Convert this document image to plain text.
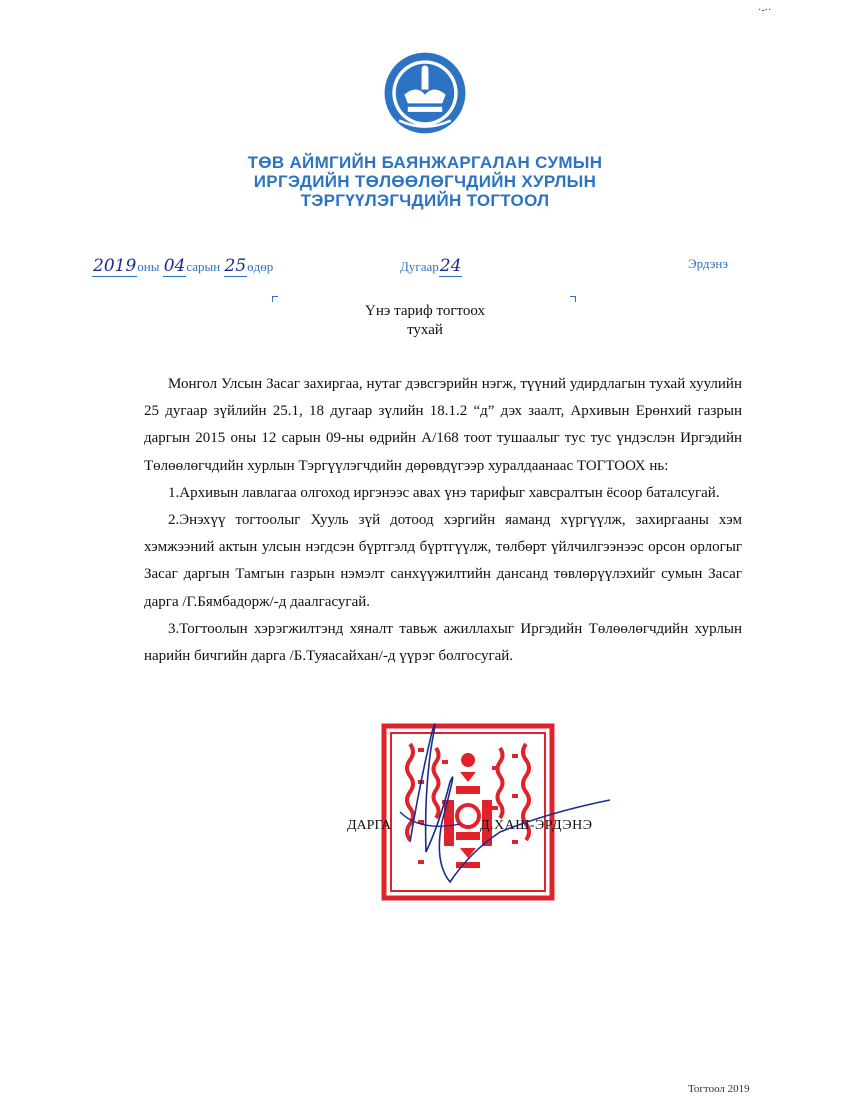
·-··
ТӨВ АЙМГИЙН БАЯНЖАРГАЛАН СУМЫН
ИРГЭДИЙН ТӨЛӨӨЛӨГЧДИЙН ХУРЛЫН
ТЭРГҮҮЛЭГЧДИЙН ТОГТООЛ
2019оны 04сарын 25өдөр	Дугаар24	Эрдэнэ
Үнэ тариф тогтоох
тухай

Монгол Улсын Засаг захиргаа, нутаг дэвсгэрийн нэгж, түүний удирдлагын тухай хуулийн 25 дугаар зүйлийн 25.1, 18 дугаар зүлийн 18.1.2 “д” дэх заалт, Архивын Ерөнхий газрын даргын 2015 оны 12 сарын 09-ны өдрийн А/168 тоот тушаалыг тус тус үндэслэн Иргэдийн Төлөөлөгчдийн хурлын Тэргүүлэгчдийн дөрөвдүгээр хуралдаанаас ТОГТООХ нь:

1.Архивын лавлагаа олгоход иргэнээс авах үнэ тарифыг хавсралтын ёсоор баталсугай.

2.Энэхүү тогтоолыг Хууль зүй дотоод хэргийн яаманд хүргүүлж, захиргааны хэм хэмжээний актын улсын нэгдсэн бүртгэлд бүртгүүлж, төлбөрт үйлчилгээнээс орсон орлогыг Засаг даргын Тамгын газрын нэмэлт санхүүжилтийн дансанд төвлөрүүлэхийг сумын Засаг дарга /Г.Бямбадорж/-д даалгасугай.

3.Тогтоолын хэрэгжилтэнд хяналт тавьж ажиллахыг Иргэдийн Төлөөлөгчдийн хурлын нарийн бичгийн дарга /Б.Туяасайхан/-д үүрэг болгосугай.

ДАРГА	Д.ХАШ-ЭРДЭНЭ
Тогтоол 2019
